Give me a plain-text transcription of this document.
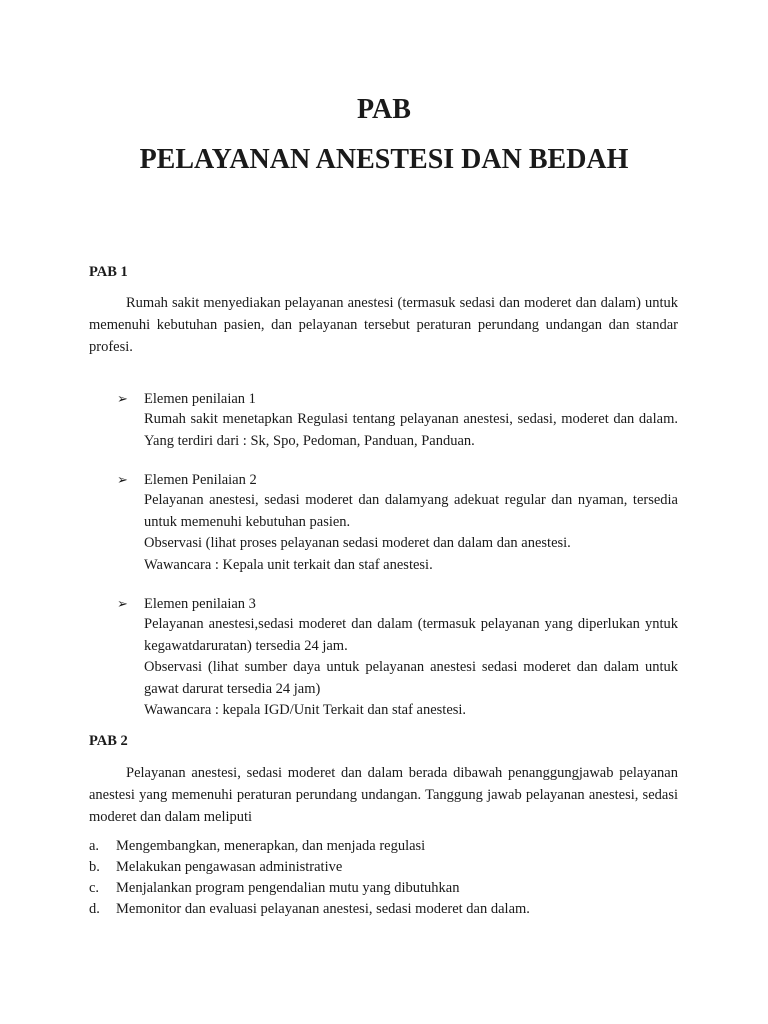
PAB
PELAYANAN ANESTESI DAN BEDAH
PAB 1

Rumah sakit menyediakan pelayanan anestesi (termasuk sedasi dan moderet dan dalam) untuk memenuhi kebutuhan pasien, dan pelayanan tersebut peraturan perundang undangan dan standar profesi.

➢ Elemen penilaian 1
Rumah sakit menetapkan Regulasi tentang pelayanan anestesi, sedasi, moderet dan dalam. Yang terdiri dari : Sk, Spo, Pedoman, Panduan, Panduan.
➢ Elemen Penilaian 2
Pelayanan anestesi, sedasi moderet dan dalamyang adekuat regular dan nyaman, tersedia untuk memenuhi kebutuhan pasien.
Observasi (lihat proses pelayanan sedasi moderet dan dalam dan anestesi.
Wawancara : Kepala unit terkait dan staf anestesi.
➢ Elemen penilaian 3
Pelayanan anestesi,sedasi moderet dan dalam (termasuk pelayanan yang diperlukan yntuk kegawatdaruratan) tersedia 24 jam.
Observasi (lihat sumber daya untuk pelayanan anestesi sedasi moderet dan dalam untuk gawat darurat tersedia 24 jam)
Wawancara : kepala IGD/Unit Terkait dan staf anestesi.
PAB 2

Pelayanan anestesi, sedasi moderet dan dalam berada dibawah penanggungjawab pelayanan anestesi yang memenuhi peraturan perundang undangan. Tanggung jawab pelayanan anestesi, sedasi moderet dan dalam meliputi

a. Mengembangkan, menerapkan, dan menjada regulasi
b. Melakukan pengawasan administrative
c. Menjalankan program pengendalian mutu yang dibutuhkan
d. Memonitor dan evaluasi pelayanan anestesi, sedasi moderet dan dalam.
